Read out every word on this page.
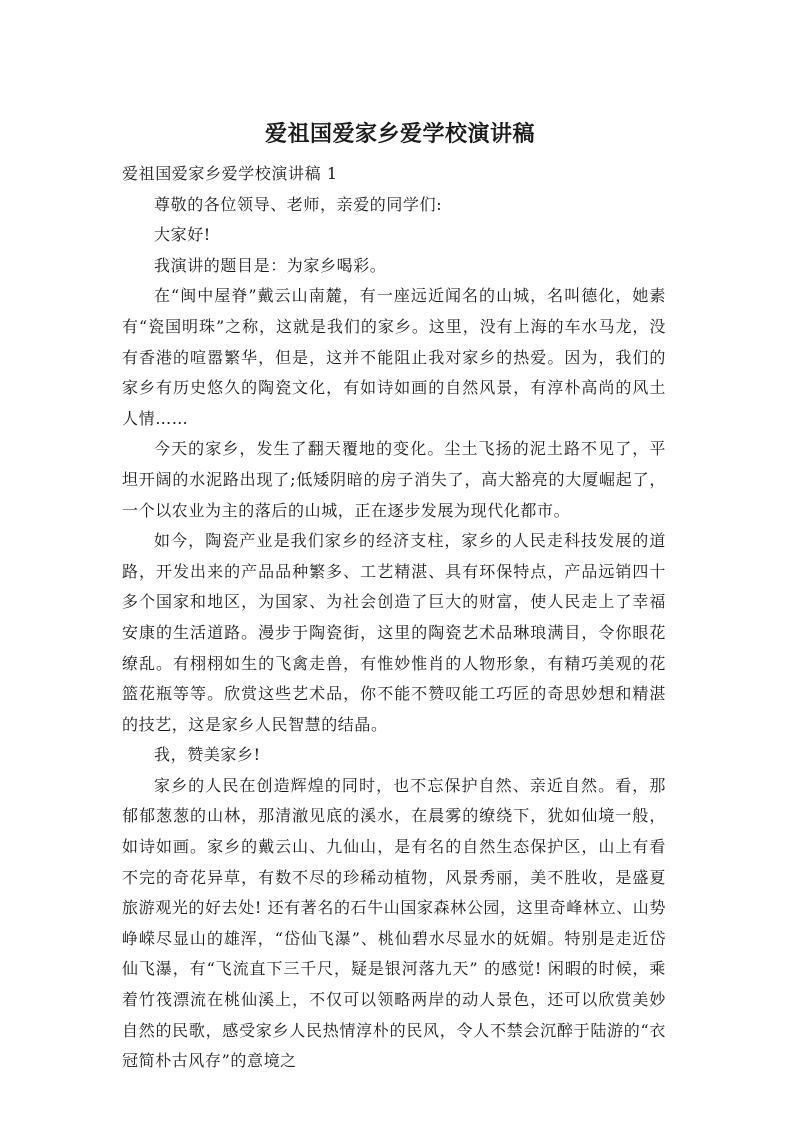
爱祖国爱家乡爱学校演讲稿

爱祖国爱家乡爱学校演讲稿 1

尊敬的各位领导、老师，亲爱的同学们:

大家好!

我演讲的题目是：为家乡喝彩。

在“闽中屋脊”戴云山南麓，有一座远近闻名的山城，名叫德化，她素有“瓷国明珠”之称，这就是我们的家乡。这里，没有上海的车水马龙，没有香港的喧嚣繁华，但是，这并不能阻止我对家乡的热爱。因为，我们的家乡有历史悠久的陶瓷文化，有如诗如画的自然风景，有淳朴高尚的风土人情……

今天的家乡，发生了翻天覆地的变化。尘土飞扬的泥土路不见了，平坦开阔的水泥路出现了;低矮阴暗的房子消失了，高大豁亮的大厦崛起了，一个以农业为主的落后的山城，正在逐步发展为现代化都市。

如今，陶瓷产业是我们家乡的经济支柱，家乡的人民走科技发展的道路，开发出来的产品品种繁多、工艺精湛、具有环保特点，产品远销四十多个国家和地区，为国家、为社会创造了巨大的财富，使人民走上了幸福安康的生活道路。漫步于陶瓷街，这里的陶瓷艺术品琳琅满目，令你眼花缭乱。有栩栩如生的飞禽走兽，有惟妙惟肖的人物形象，有精巧美观的花篮花瓶等等。欣赏这些艺术品，你不能不赞叹能工巧匠的奇思妙想和精湛的技艺，这是家乡人民智慧的结晶。

我，赞美家乡!

家乡的人民在创造辉煌的同时，也不忘保护自然、亲近自然。看，那郁郁葱葱的山林，那清澈见底的溪水，在晨雾的缭绕下，犹如仙境一般，如诗如画。家乡的戴云山、九仙山，是有名的自然生态保护区，山上有看不完的奇花异草，有数不尽的珍稀动植物，风景秀丽，美不胜收，是盛夏旅游观光的好去处! 还有著名的石牛山国家森林公园，这里奇峰林立、山势峥嵘尽显山的雄浑，“岱仙飞瀑”、桃仙碧水尽显水的妩媚。特别是走近岱仙飞瀑，有“飞流直下三千尺，疑是银河落九天” 的感觉! 闲暇的时候，乘着竹筏漂流在桃仙溪上，不仅可以领略两岸的动人景色，还可以欣赏美妙自然的民歌，感受家乡人民热情淳朴的民风，令人不禁会沉醉于陆游的“衣冠简朴古风存”的意境之
